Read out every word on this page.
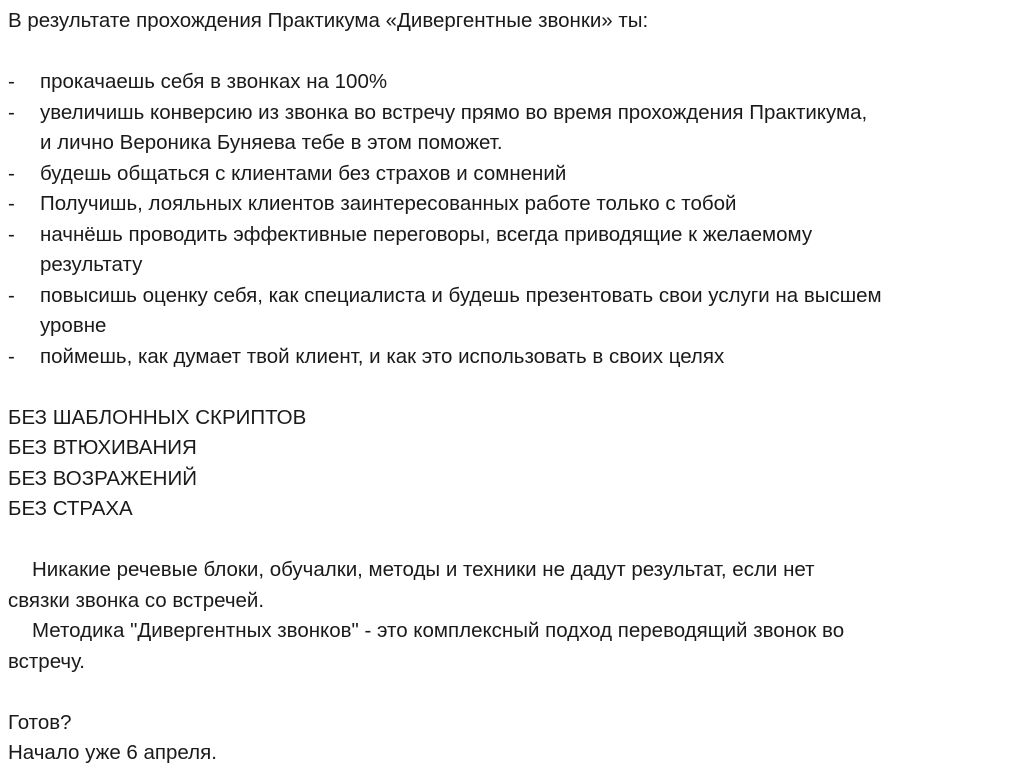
В результате прохождения Практикума «Дивергентные звонки» ты:
- прокачаешь себя в звонках на 100%
- увеличишь конверсию из звонка во встречу прямо во время прохождения Практикума,
и лично Вероника Буняева тебе в этом поможет.
- будешь общаться с клиентами без страхов и сомнений
- Получишь, лояльных клиентов заинтересованных работе только с тобой
- начнёшь проводить эффективные переговоры, всегда приводящие к желаемому
результату
- повысишь оценку себя, как специалиста и будешь презентовать свои услуги на высшем
уровне
- поймешь, как думает твой клиент, и как это использовать в своих целях
БЕЗ ШАБЛОННЫХ СКРИПТОВ
БЕЗ ВТЮХИВАНИЯ
БЕЗ ВОЗРАЖЕНИЙ
БЕЗ СТРАХА
Никакие речевые блоки, обучалки, методы и техники не дадут результат, если нет
связки звонка со встречей.
Методика "Дивергентных звонков" - это комплексный подход переводящий звонок во
встречу.
Готов?
Начало уже 6 апреля.
